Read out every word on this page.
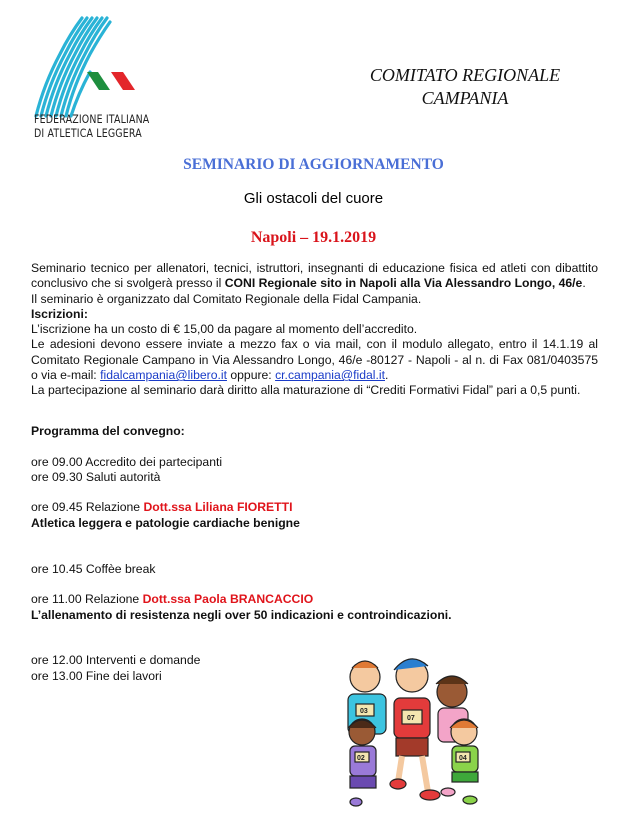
FEDERAZIONE ITALIANA
DI ATLETICA LEGGERA
COMITATO REGIONALE
CAMPANIA
SEMINARIO DI AGGIORNAMENTO
Gli ostacoli del cuore
Napoli – 19.1.2019

Seminario tecnico per allenatori, tecnici, istruttori, insegnanti di educazione fisica ed atleti con dibattito conclusivo che si svolgerà presso il CONI Regionale sito in Napoli alla Via Alessandro Longo, 46/e.

Il seminario è organizzato dal Comitato Regionale della Fidal Campania.

Iscrizioni:

L’iscrizione ha un costo di € 15,00 da pagare al momento dell’accredito.

Le adesioni devono essere inviate a mezzo fax o via mail, con il modulo allegato, entro il 14.1.19 al Comitato Regionale Campano in Via Alessandro Longo, 46/e -80127 - Napoli - al n. di Fax 081/0403575 o via e-mail: fidalcampania@libero.it oppure: cr.campania@fidal.it.

La partecipazione al seminario darà diritto alla maturazione di “Crediti Formativi Fidal” pari a 0,5 punti.

Programma del convegno:
ore 09.00 Accredito dei partecipanti
ore 09.30 Saluti autorità
ore 09.45 Relazione Dott.ssa Liliana FIORETTI
Atletica leggera e patologie cardiache benigne
ore 10.45 Coffèe break
ore 11.00 Relazione Dott.ssa Paola BRANCACCIO
L’allenamento di resistenza negli over 50 indicazioni e controindicazioni.
ore 12.00 Interventi e domande
ore 13.00 Fine dei lavori
03
07
02	04
